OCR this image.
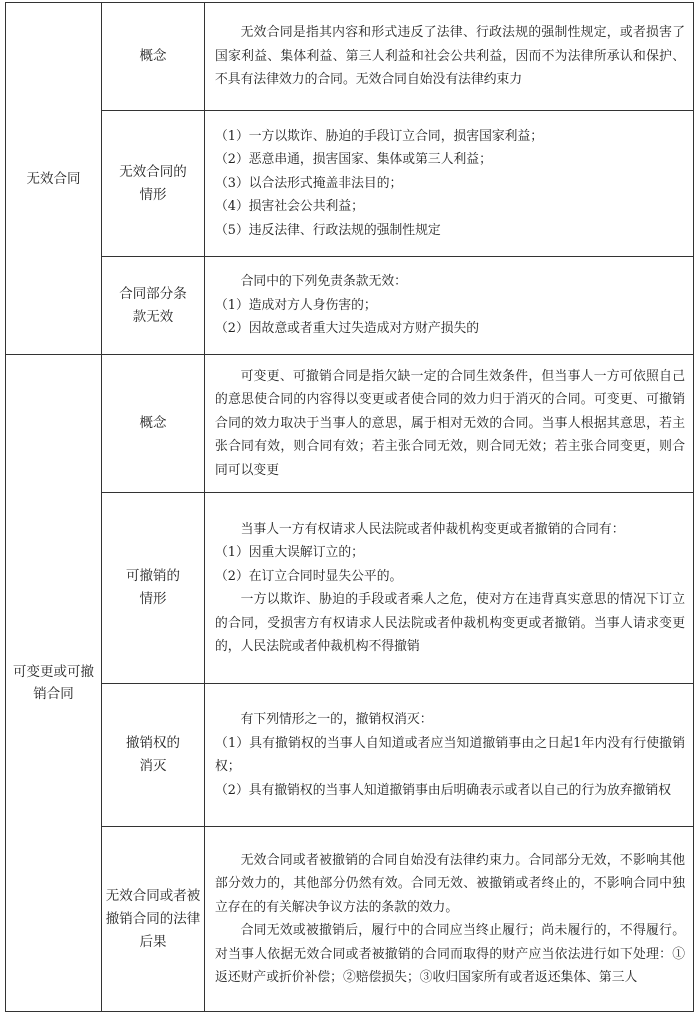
无效合同	概念	无效合同是指其内容和形式违反了法律、行政法规的强制性规定，或者损害了国家利益、集体利益、第三人利益和社会公共利益，因而不为法律所承认和保护、不具有法律效力的合同。无效合同自始没有法律约束力

	无效合同的情形	（1）一方以欺诈、胁迫的手段订立合同，损害国家利益；

（2）恶意串通，损害国家、集体或第三人利益；

（3）以合法形式掩盖非法目的；

（4）损害社会公共利益；

（5）违反法律、行政法规的强制性规定

	合同部分条款无效	合同中的下列免责条款无效：

（1）造成对方人身伤害的；

（2）因故意或者重大过失造成对方财产损失的

可变更或可撤销合同	概念	可变更、可撤销合同是指欠缺一定的合同生效条件，但当事人一方可依照自己的意思使合同的内容得以变更或者使合同的效力归于消灭的合同。可变更、可撤销合同的效力取决于当事人的意思，属于相对无效的合同。当事人根据其意思，若主张合同有效，则合同有效；若主张合同无效，则合同无效；若主张合同变更，则合同可以变更

	可撤销的情形	当事人一方有权请求人民法院或者仲裁机构变更或者撤销的合同有：

（1）因重大误解订立的；

（2）在订立合同时显失公平的。

一方以欺诈、胁迫的手段或者乘人之危，使对方在违背真实意思的情况下订立的合同，受损害方有权请求人民法院或者仲裁机构变更或者撤销。当事人请求变更的，人民法院或者仲裁机构不得撤销

	撤销权的消灭	有下列情形之一的，撤销权消灭：

（1）具有撤销权的当事人自知道或者应当知道撤销事由之日起1年内没有行使撤销权；

（2）具有撤销权的当事人知道撤销事由后明确表示或者以自己的行为放弃撤销权

	无效合同或者被撤销合同的法律后果	无效合同或者被撤销的合同自始没有法律约束力。合同部分无效，不影响其他部分效力的，其他部分仍然有效。合同无效、被撤销或者终止的，不影响合同中独立存在的有关解决争议方法的条款的效力。

合同无效或被撤销后，履行中的合同应当终止履行；尚未履行的，不得履行。对当事人依据无效合同或者被撤销的合同而取得的财产应当依法进行如下处理：①返还财产或折价补偿；②赔偿损失；③收归国家所有或者返还集体、第三人
